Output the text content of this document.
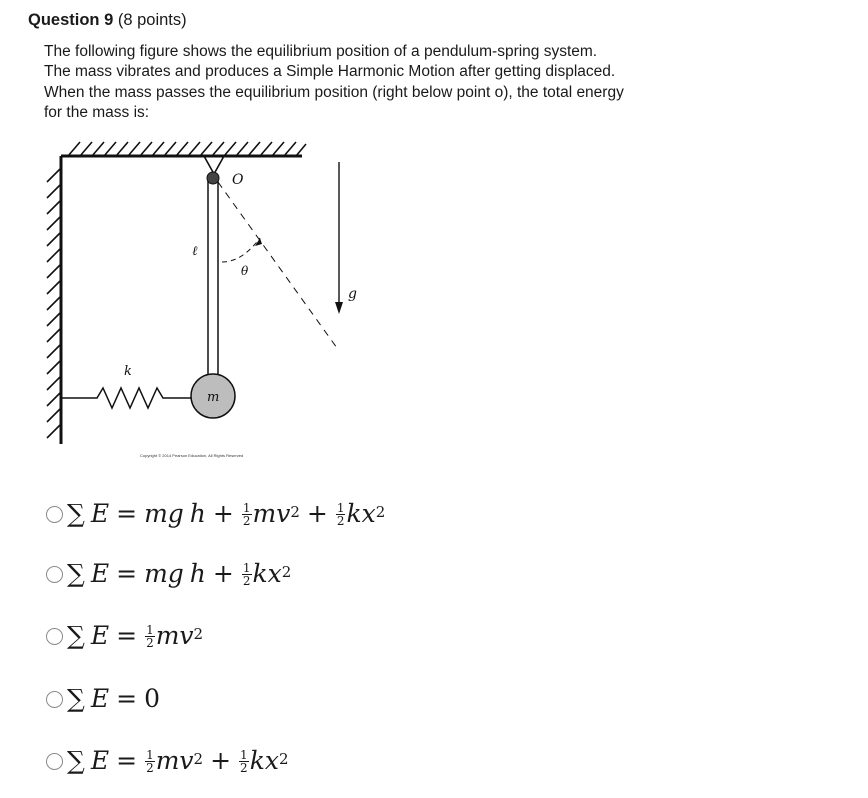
Question 9 (8 points)
The following figure shows the equilibrium position of a pendulum-spring system.
The mass vibrates and produces a Simple Harmonic Motion after getting displaced.
When the mass passes the equilibrium position (right below point o), the total energy
for the mass is:
O
θ
ℓ
g
k
m
Copyright © 2014 Pearson Education, All Rights Reserved
∑ E = m g $h + \frac{1}{2} mv^2 + \frac{1}{2} kx^2$
∑ E = m g $h + \frac{1}{2} kx^2$
∑ $E = \frac{1}{2} mv^2$
∑ E = 0
∑ $E = \frac{1}{2} mv^2 + \frac{1}{2} kx^2$
